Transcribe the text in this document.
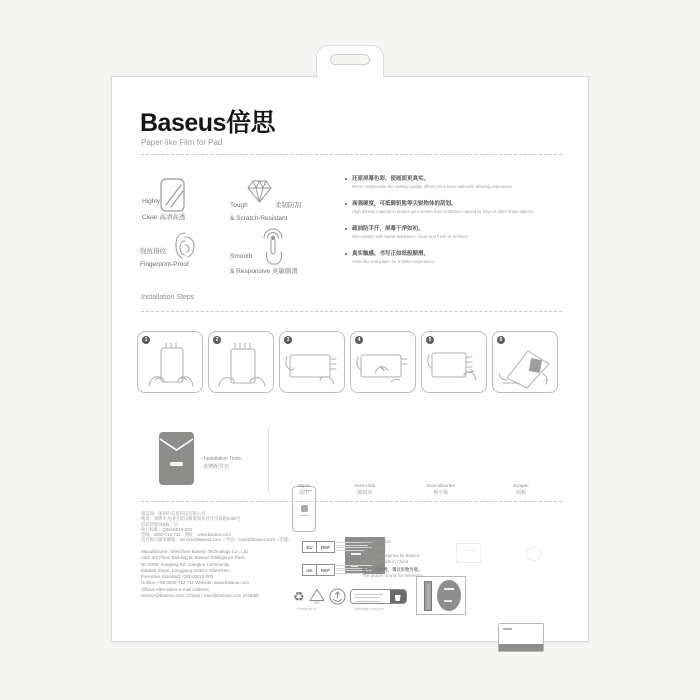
Baseus倍思
Paper-like Film for Pad
Highly
Clear 高清高透
Tough	柔韧防刮
& Scratch-Resistant
强抗指纹
Fingerprint-Proof
Smooth
& Responsive 灵敏顺滑
还原屏幕色彩，使画面更真实。
Won't compromise the viewing quality, offers you a more authentic drawing experience.
高强硬度，可抵御钥匙等尖锐物体的刮划。
High density material to protect your screen from scratches caused by keys or other sharp objects.
疏油防手汗，屏幕干净如初。
Oleo-phobic with sweat resistance, clean and fresh at all times.
真实触感，书写正如纸般顺滑。
Feels like real paper, for a better experience.
Installation Steps
1	2	3	4	5	6
- Installation Tools
- 附赠配件包
Wipes
湿巾
Dust-cloth
擦拭布
Dust-absorber
吸尘贴
Scraper
刮板
制造商：深圳市倍思科技有限公司
地址：深圳市龙岗区坂田街道岗头社区雪岗路2008号
倍思智能园B栋三层
执行标准：Q/BASE15-003
热线：4000-712-711　网址：www.baseus.com
官方售后服务邮箱：service@baseus.com（中国）/care@baseus.com（全球）
Manufacturer: Shenzhen Baseus Technology Co., Ltd.
Add: 3rd Floor, Building B, Baseus Intelligence Park,
No.2008, Xuegang Rd, Gangtou Community,
Bantian Street, Longgang District, Shenzhen
Executive Standard: Q/BASE15-003
Hotline: +86 4000-712-711 Website: www.baseus.com
Official After-sales E-mail Address:
service@baseus.com (China) / care@baseus.com (Global)
EU	REP
UK	REP
P40032Z-P040
L100000338
倍思设计/Designed by Baseus
中国制造/Made in China
图片仅供参考，请以实物为准。
The picture is only for reference.
♻	PAP
Pensez au tri !	Emballage à recycler
